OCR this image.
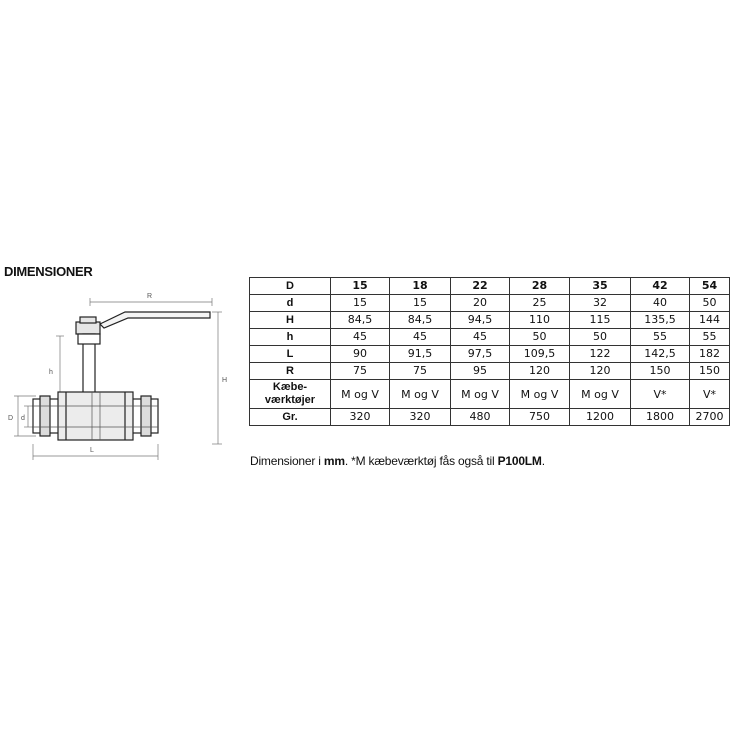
DIMENSIONER
R
H
h
D d
L
D	15	18	22	28	35	42	54
d	15	15	20	25	32	40	50
H	84,5	84,5	94,5	110	115	135,5	144
h	45	45	45	50	50	55	55
L	90	91,5	97,5	109,5	122	142,5	182
R	75	75	95	120	120	150	150
Kæbe-værktøjer	M og V	M og V	M og V	M og V	M og V	V*	V*
Gr.	320	320	480	750	1200	1800	2700
Dimensioner i mm. *M kæbeværktøj fås også til P100LM.
